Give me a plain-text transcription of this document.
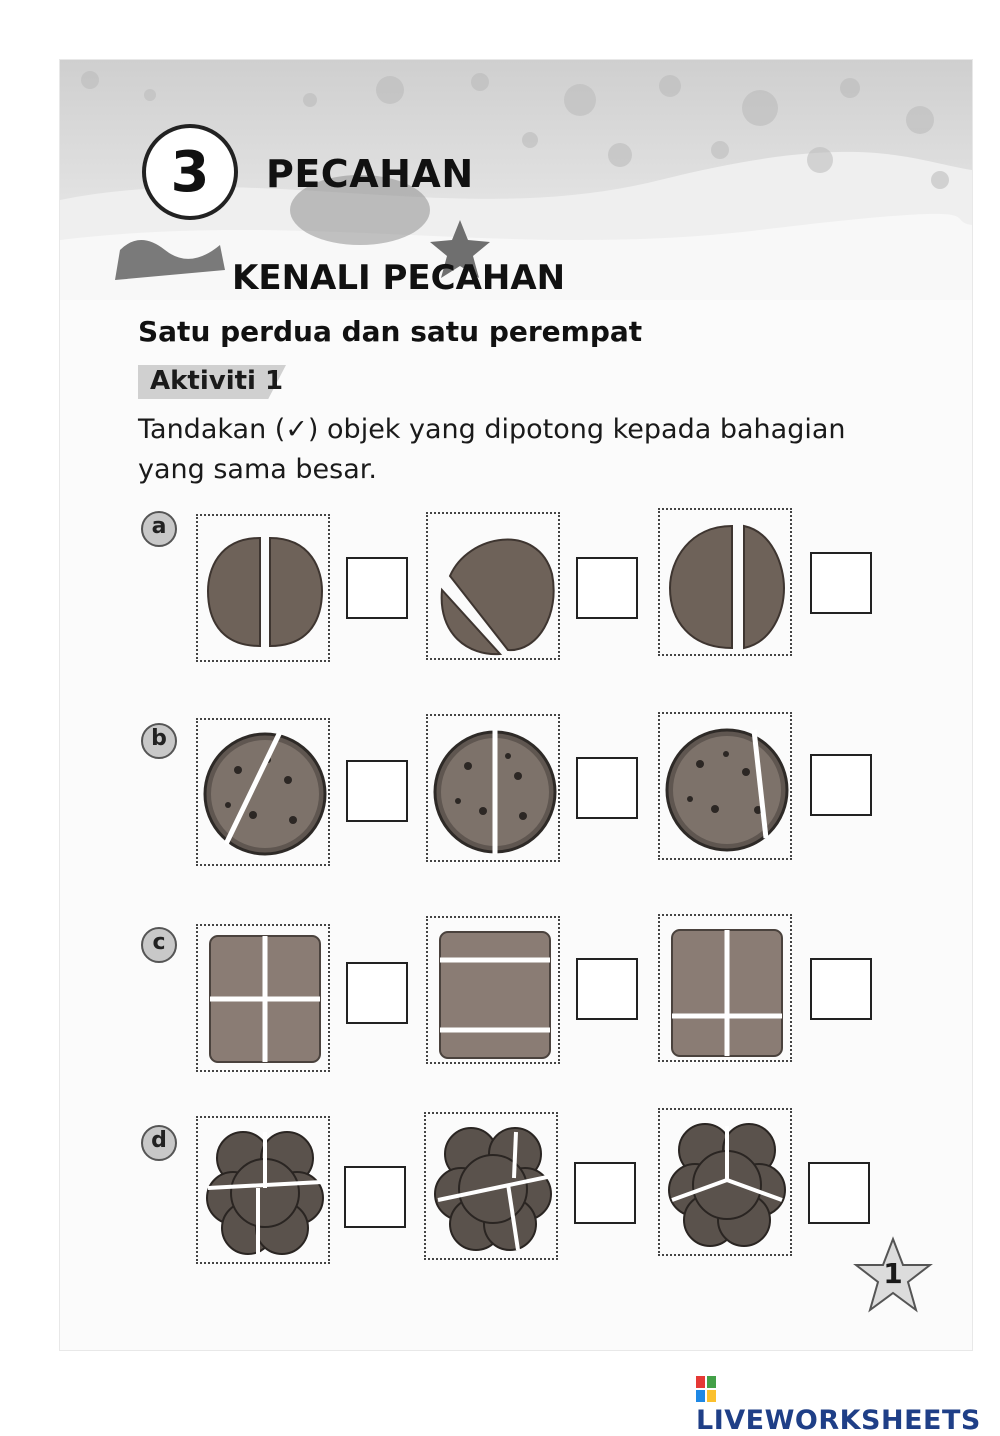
3 PECAHAN
KENALI PECAHAN
Satu perdua dan satu perempat
Aktiviti 1
Tandakan (✓) objek yang dipotong kepada bahagian yang sama besar.
a
b
c
d
1
LIVEWORKSHEETS
